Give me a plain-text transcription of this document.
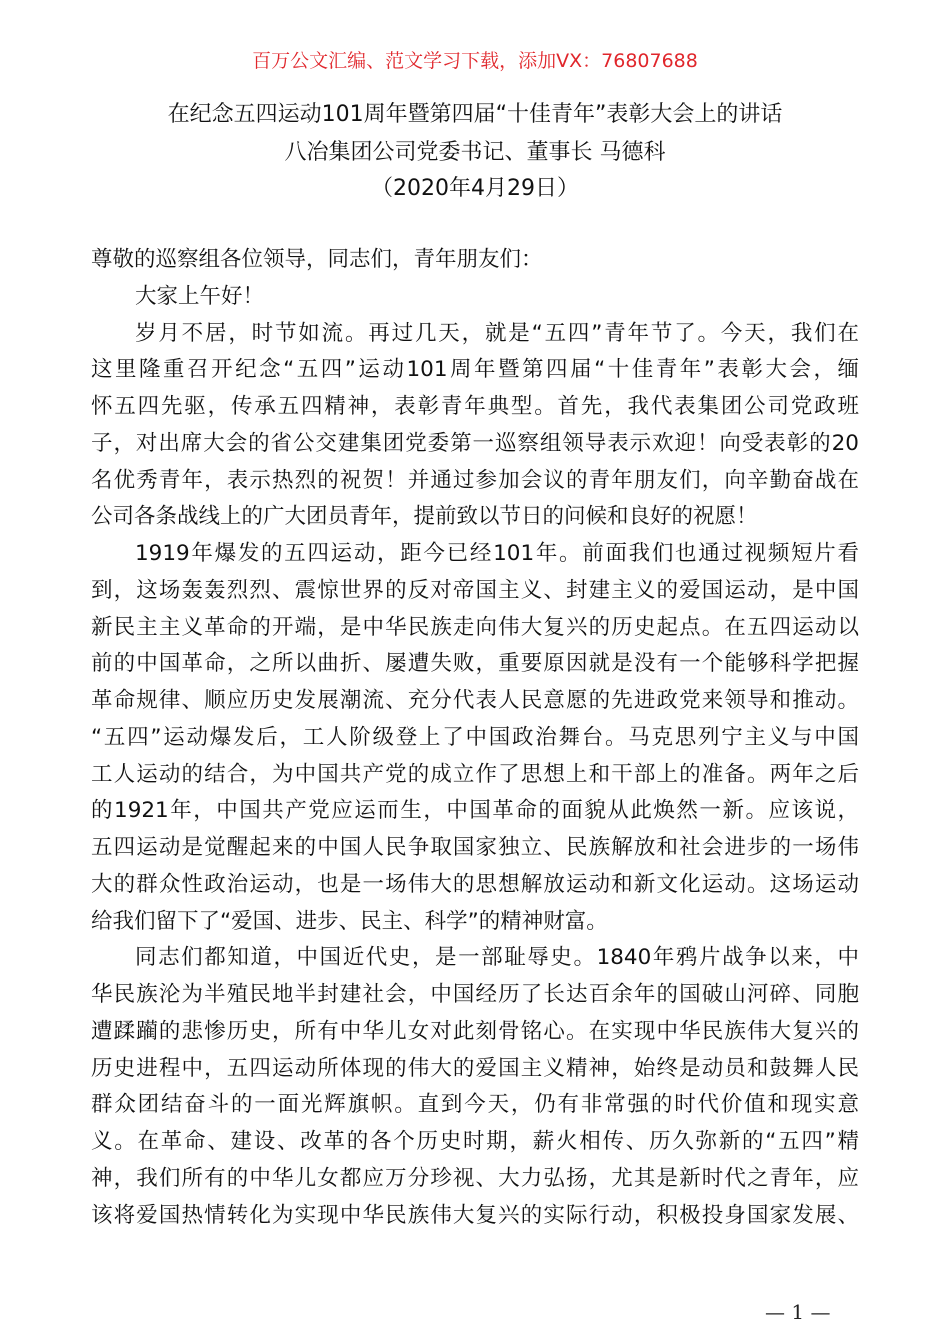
百万公文汇编、范文学习下载，添加VX：76807688
在纪念五四运动101周年暨第四届“十佳青年”表彰大会上的讲话
八冶集团公司党委书记、董事长 马德科
（2020年4月29日）
尊敬的巡察组各位领导，同志们，青年朋友们：
大家上午好！
岁月不居，时节如流。再过几天，就是“五四”青年节了。今天，我们在
这里隆重召开纪念“五四”运动101周年暨第四届“十佳青年”表彰大会，缅
怀五四先驱，传承五四精神，表彰青年典型。首先，我代表集团公司党政班
子，对出席大会的省公交建集团党委第一巡察组领导表示欢迎！向受表彰的20
名优秀青年，表示热烈的祝贺！并通过参加会议的青年朋友们，向辛勤奋战在
公司各条战线上的广大团员青年，提前致以节日的问候和良好的祝愿！
1919年爆发的五四运动，距今已经101年。前面我们也通过视频短片看
到，这场轰轰烈烈、震惊世界的反对帝国主义、封建主义的爱国运动，是中国
新民主主义革命的开端，是中华民族走向伟大复兴的历史起点。在五四运动以
前的中国革命，之所以曲折、屡遭失败，重要原因就是没有一个能够科学把握
革命规律、顺应历史发展潮流、充分代表人民意愿的先进政党来领导和推动。
“五四”运动爆发后，工人阶级登上了中国政治舞台。马克思列宁主义与中国
工人运动的结合，为中国共产党的成立作了思想上和干部上的准备。两年之后
的1921年，中国共产党应运而生，中国革命的面貌从此焕然一新。应该说，
五四运动是觉醒起来的中国人民争取国家独立、民族解放和社会进步的一场伟
大的群众性政治运动，也是一场伟大的思想解放运动和新文化运动。这场运动
给我们留下了“爱国、进步、民主、科学”的精神财富。
同志们都知道，中国近代史，是一部耻辱史。1840年鸦片战争以来，中
华民族沦为半殖民地半封建社会，中国经历了长达百余年的国破山河碎、同胞
遭蹂躏的悲惨历史，所有中华儿女对此刻骨铭心。在实现中华民族伟大复兴的
历史进程中，五四运动所体现的伟大的爱国主义精神，始终是动员和鼓舞人民
群众团结奋斗的一面光辉旗帜。直到今天，仍有非常强的时代价值和现实意
义。在革命、建设、改革的各个历史时期，薪火相传、历久弥新的“五四”精
神，我们所有的中华儿女都应万分珍视、大力弘扬，尤其是新时代之青年，应
该将爱国热情转化为实现中华民族伟大复兴的实际行动，积极投身国家发展、
— 1 —
